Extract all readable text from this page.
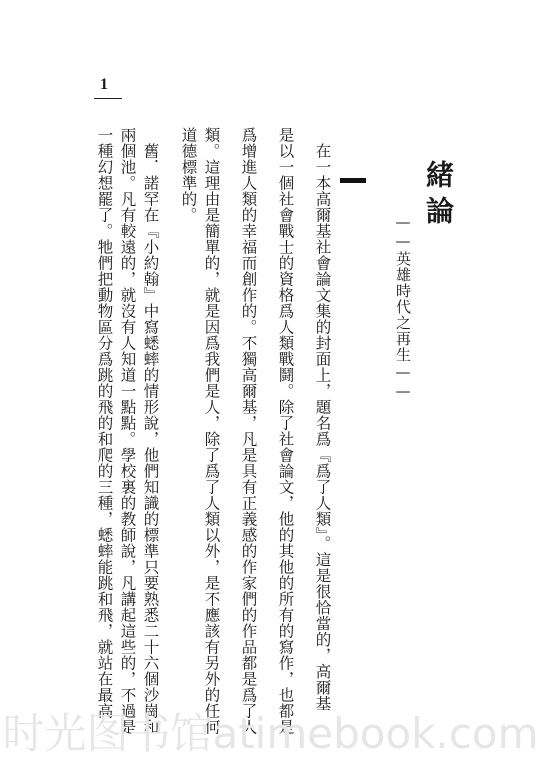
1
緒論
——英雄時代之再生——
在一本高爾基社會論文集的封面上，題名爲『爲了人類』。這是很恰當的，高爾基
是以一個社會戰士的資格爲人類戰鬪。除了社會論文，他的其他的所有的寫作，也都是
爲增進人類的幸福而創作的。不獨高爾基，凡是具有正義感的作家們的作品都是爲了人
類。這理由是簡單的，就是因爲我們是人，除了爲了人類以外，是不應該有另外的任何
道德標準的。
舊．諾罕在『小約翰』中寫蟋蟀的情形說，他們知識的標準只要熟悉二十六個沙崗和
兩個池。凡有較遠的，就沒有人知道一點點。學校裏的教師說，凡講起這些的，不過是
一種幻想罷了。牠們把動物區分爲跳的飛的和爬的三種，蟋蟀能跳和飛，就站在最高
时光图书馆atimebook.com
